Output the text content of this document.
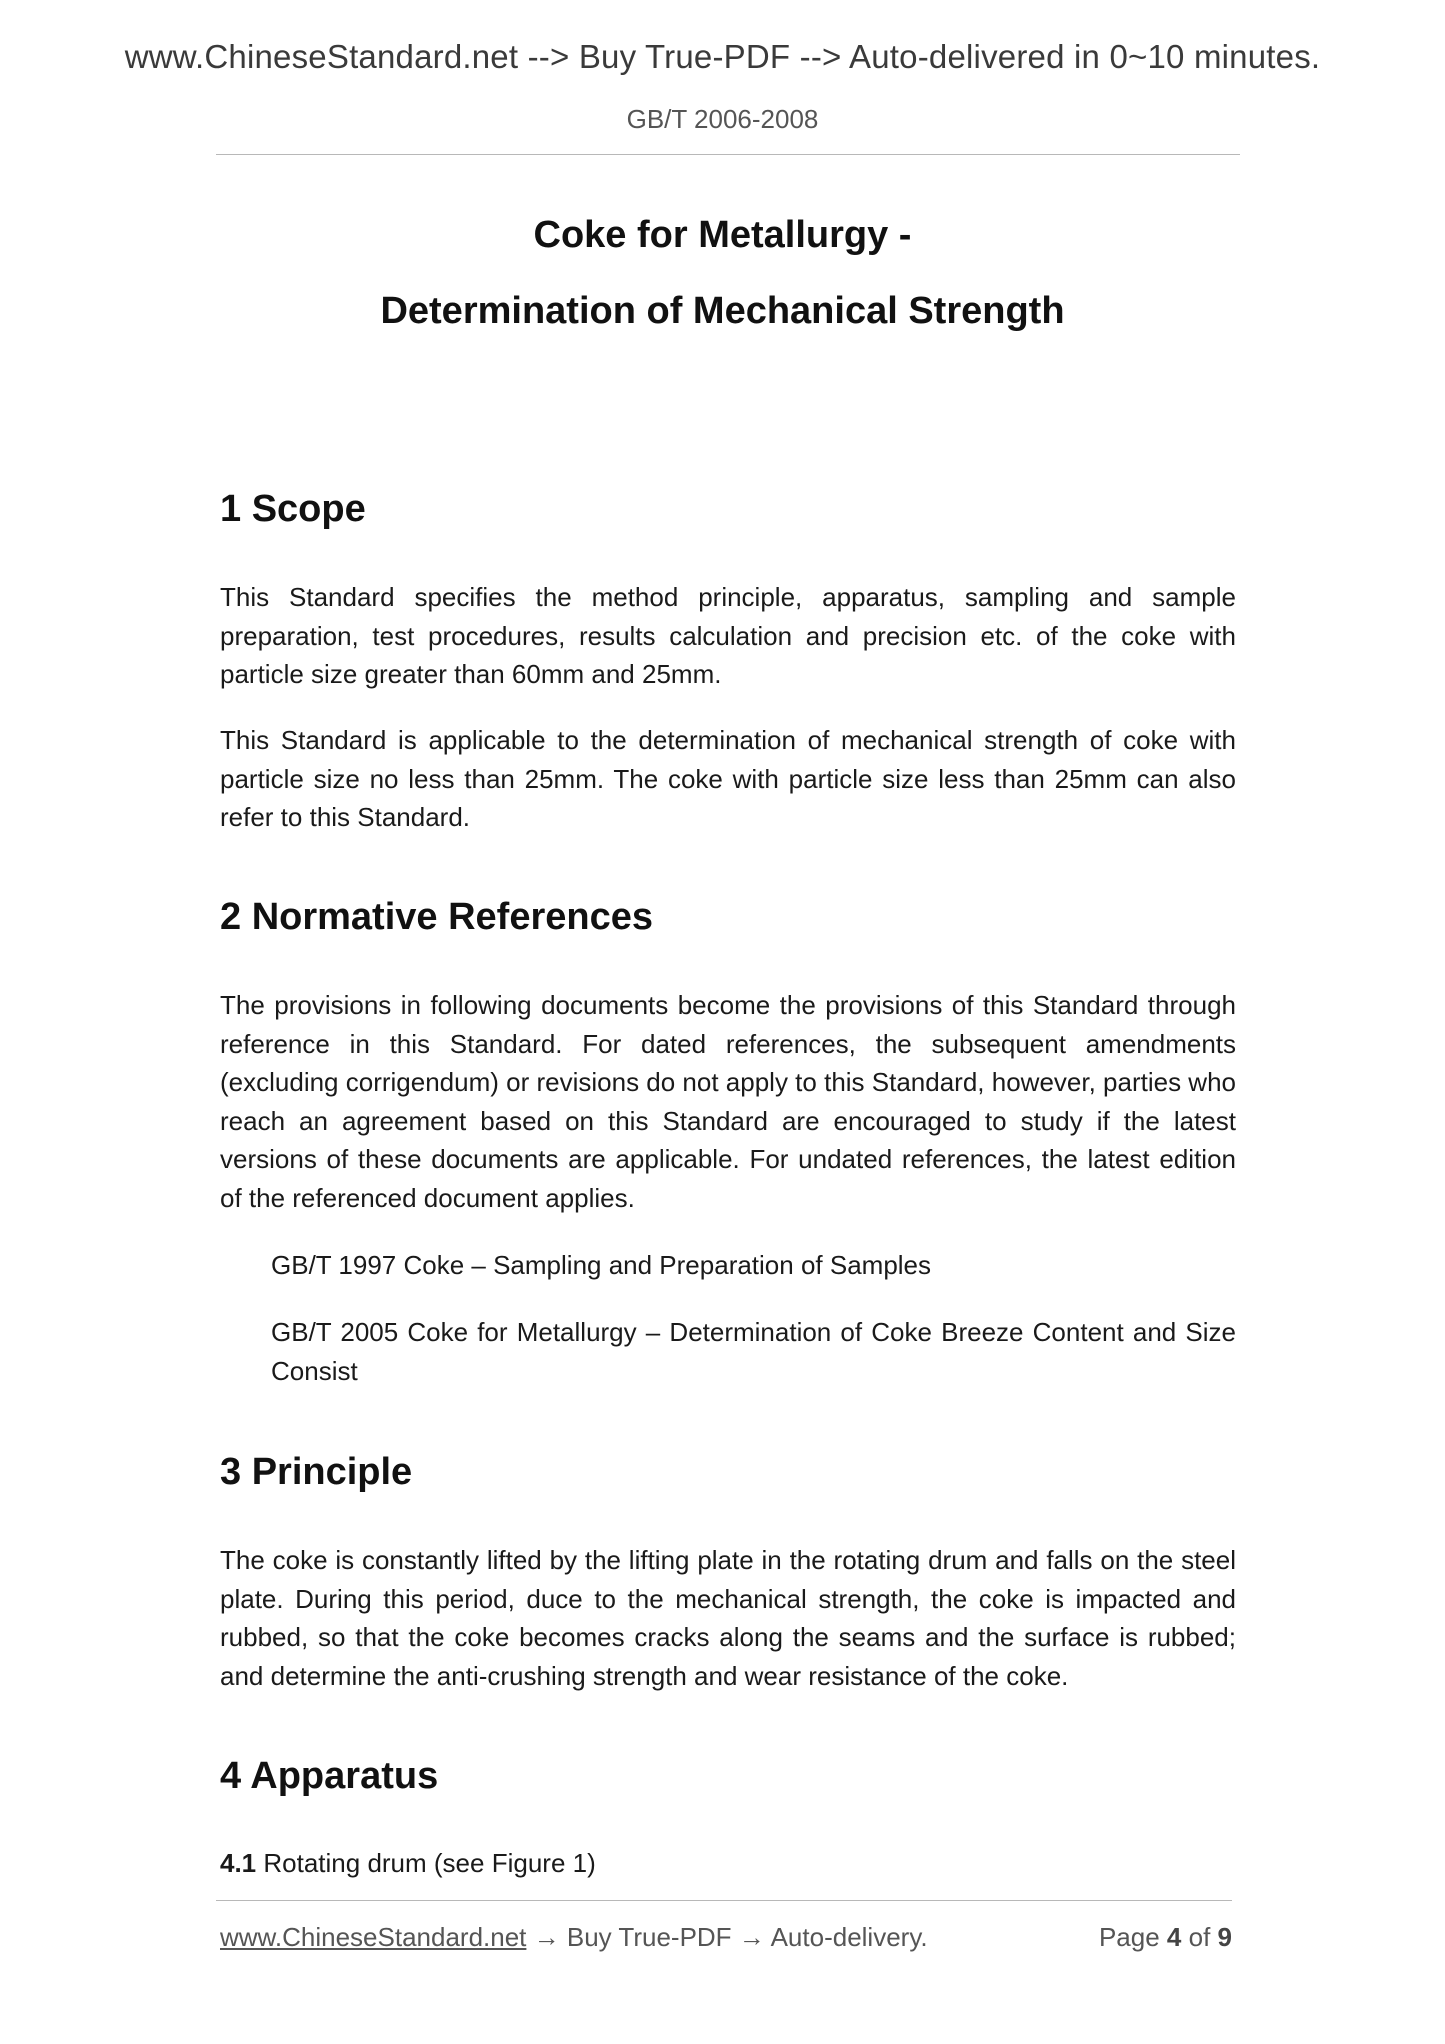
www.ChineseStandard.net --> Buy True-PDF --> Auto-delivered in 0~10 minutes.
GB/T 2006-2008
Coke for Metallurgy -
Determination of Mechanical Strength
1 Scope

This Standard specifies the method principle, apparatus, sampling and sample preparation, test procedures, results calculation and precision etc. of the coke with particle size greater than 60mm and 25mm.

This Standard is applicable to the determination of mechanical strength of coke with particle size no less than 25mm. The coke with particle size less than 25mm can also refer to this Standard.

2 Normative References

The provisions in following documents become the provisions of this Standard through reference in this Standard. For dated references, the subsequent amendments (excluding corrigendum) or revisions do not apply to this Standard, however, parties who reach an agreement based on this Standard are encouraged to study if the latest versions of these documents are applicable. For undated references, the latest edition of the referenced document applies.

GB/T 1997 Coke – Sampling and Preparation of Samples

GB/T 2005 Coke for Metallurgy – Determination of Coke Breeze Content and Size Consist

3 Principle

The coke is constantly lifted by the lifting plate in the rotating drum and falls on the steel plate. During this period, duce to the mechanical strength, the coke is impacted and rubbed, so that the coke becomes cracks along the seams and the surface is rubbed; and determine the anti-crushing strength and wear resistance of the coke.

4 Apparatus

4.1 Rotating drum (see Figure 1)

www.ChineseStandard.net → Buy True-PDF → Auto-delivery.	Page 4 of 9
